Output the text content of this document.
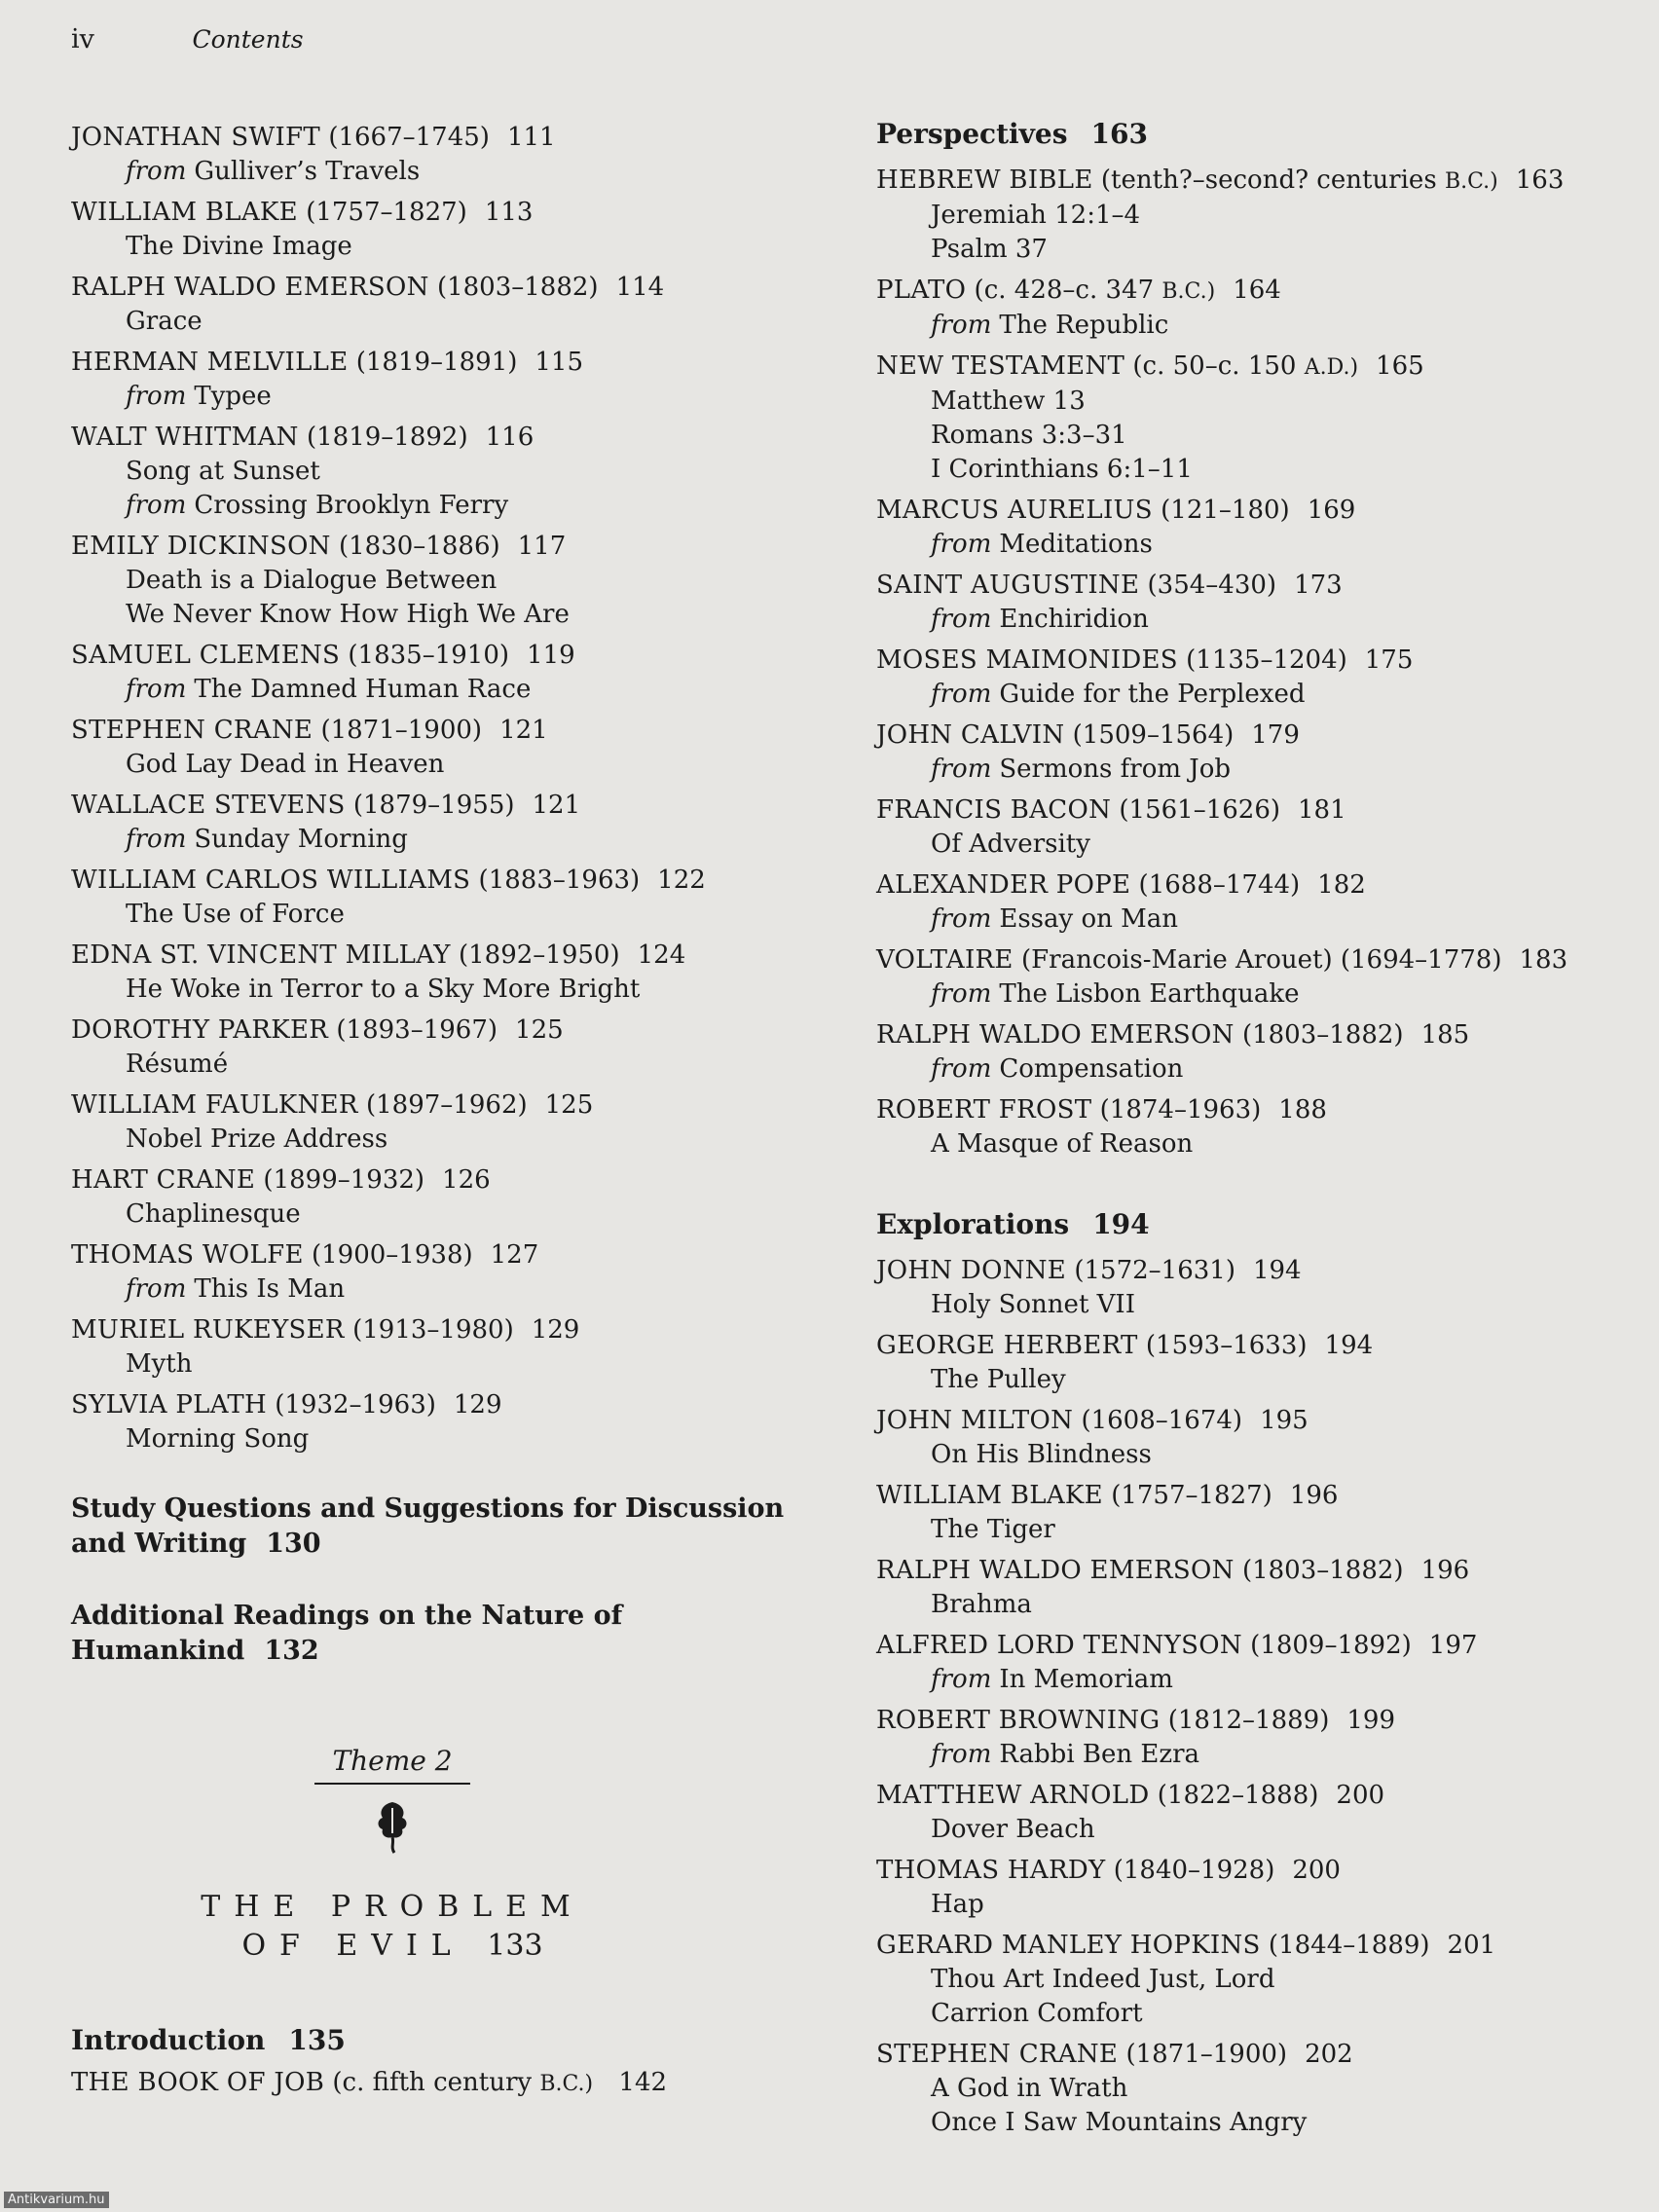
iv	Contents
JONATHAN SWIFT (1667–1745) 111
from Gulliver’s Travels
WILLIAM BLAKE (1757–1827) 113
The Divine Image
RALPH WALDO EMERSON (1803–1882) 114
Grace
HERMAN MELVILLE (1819–1891) 115
from Typee
WALT WHITMAN (1819–1892) 116
Song at Sunset
from Crossing Brooklyn Ferry
EMILY DICKINSON (1830–1886) 117
Death is a Dialogue Between
We Never Know How High We Are
SAMUEL CLEMENS (1835–1910) 119
from The Damned Human Race
STEPHEN CRANE (1871–1900) 121
God Lay Dead in Heaven
WALLACE STEVENS (1879–1955) 121
from Sunday Morning
WILLIAM CARLOS WILLIAMS (1883–1963) 122
The Use of Force
EDNA ST. VINCENT MILLAY (1892–1950) 124
He Woke in Terror to a Sky More Bright
DOROTHY PARKER (1893–1967) 125
Résumé
WILLIAM FAULKNER (1897–1962) 125
Nobel Prize Address
HART CRANE (1899–1932) 126
Chaplinesque
THOMAS WOLFE (1900–1938) 127
from This Is Man
MURIEL RUKEYSER (1913–1980) 129
Myth
SYLVIA PLATH (1932–1963) 129
Morning Song
Study Questions and Suggestions for Discussion
and Writing 130
Additional Readings on the Nature of
Humankind 132
Theme 2
THE PROBLEM
OF EVIL 133
Introduction 135
THE BOOK OF JOB (c. fifth century B.C.) 142
Perspectives 163
HEBREW BIBLE (tenth?–second? centuries B.C.) 163
Jeremiah 12:1–4
Psalm 37
PLATO (c. 428–c. 347 B.C.) 164
from The Republic
NEW TESTAMENT (c. 50–c. 150 A.D.) 165
Matthew 13
Romans 3:3–31
I Corinthians 6:1–11
MARCUS AURELIUS (121–180) 169
from Meditations
SAINT AUGUSTINE (354–430) 173
from Enchiridion
MOSES MAIMONIDES (1135–1204) 175
from Guide for the Perplexed
JOHN CALVIN (1509–1564) 179
from Sermons from Job
FRANCIS BACON (1561–1626) 181
Of Adversity
ALEXANDER POPE (1688–1744) 182
from Essay on Man
VOLTAIRE (Francois-Marie Arouet) (1694–1778) 183
from The Lisbon Earthquake
RALPH WALDO EMERSON (1803–1882) 185
from Compensation
ROBERT FROST (1874–1963) 188
A Masque of Reason
Explorations 194
JOHN DONNE (1572–1631) 194
Holy Sonnet VII
GEORGE HERBERT (1593–1633) 194
The Pulley
JOHN MILTON (1608–1674) 195
On His Blindness
WILLIAM BLAKE (1757–1827) 196
The Tiger
RALPH WALDO EMERSON (1803–1882) 196
Brahma
ALFRED LORD TENNYSON (1809–1892) 197
from In Memoriam
ROBERT BROWNING (1812–1889) 199
from Rabbi Ben Ezra
MATTHEW ARNOLD (1822–1888) 200
Dover Beach
THOMAS HARDY (1840–1928) 200
Hap
GERARD MANLEY HOPKINS (1844–1889) 201
Thou Art Indeed Just, Lord
Carrion Comfort
STEPHEN CRANE (1871–1900) 202
A God in Wrath
Once I Saw Mountains Angry
Antikvarium.hu
